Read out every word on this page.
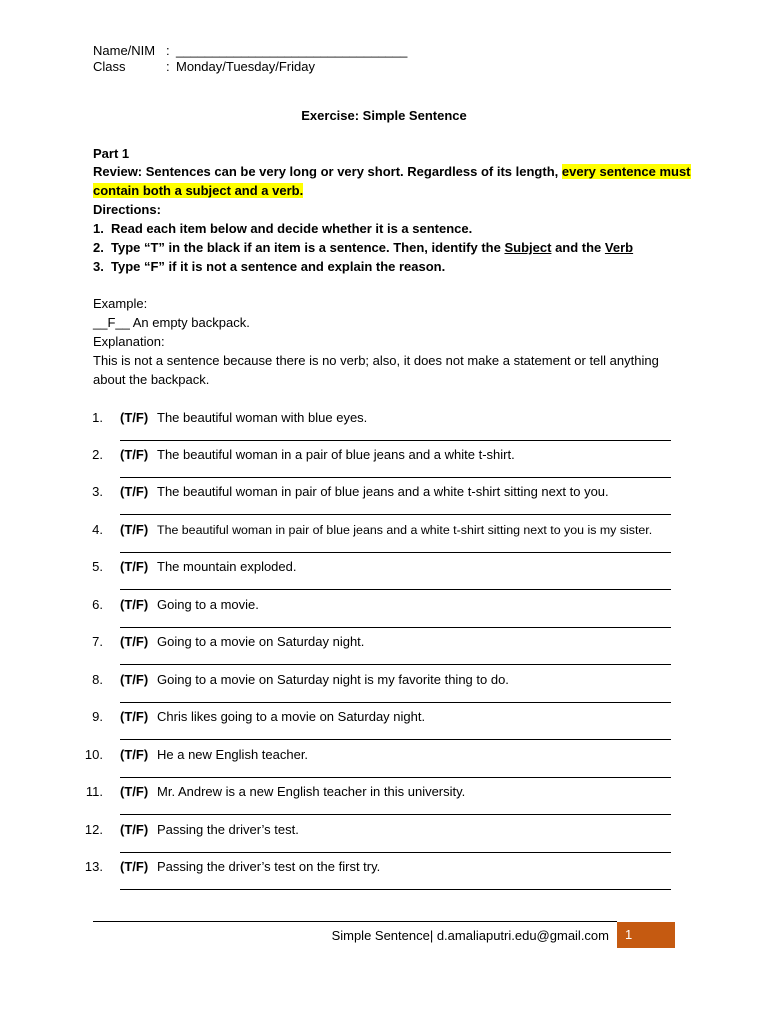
Name/NIM : ________________________________
Class	: Monday/Tuesday/Friday
Exercise: Simple Sentence
Part 1
Review: Sentences can be very long or very short. Regardless of its length, every sentence must
contain both a subject and a verb.
Directions:
1. Read each item below and decide whether it is a sentence.
2. Type “T” in the black if an item is a sentence. Then, identify the Subject and the Verb
3. Type “F” if it is not a sentence and explain the reason.
Example:
__F__ An empty backpack.
Explanation:
This is not a sentence because there is no verb; also, it does not make a statement or tell anything
about the backpack.
1. (T/F) The beautiful woman with blue eyes.
2. (T/F) The beautiful woman in a pair of blue jeans and a white t-shirt.
3. (T/F) The beautiful woman in pair of blue jeans and a white t-shirt sitting next to you.
4. (T/F) The beautiful woman in pair of blue jeans and a white t-shirt sitting next to you is my sister.
5. (T/F) The mountain exploded.
6. (T/F) Going to a movie.
7. (T/F) Going to a movie on Saturday night.
8. (T/F) Going to a movie on Saturday night is my favorite thing to do.
9. (T/F) Chris likes going to a movie on Saturday night.
10. (T/F) He a new English teacher.
11. (T/F) Mr. Andrew is a new English teacher in this university.
12. (T/F) Passing the driver’s test.
13. (T/F) Passing the driver’s test on the first try.
Simple Sentence| d.amaliaputri.edu@gmail.com 1
